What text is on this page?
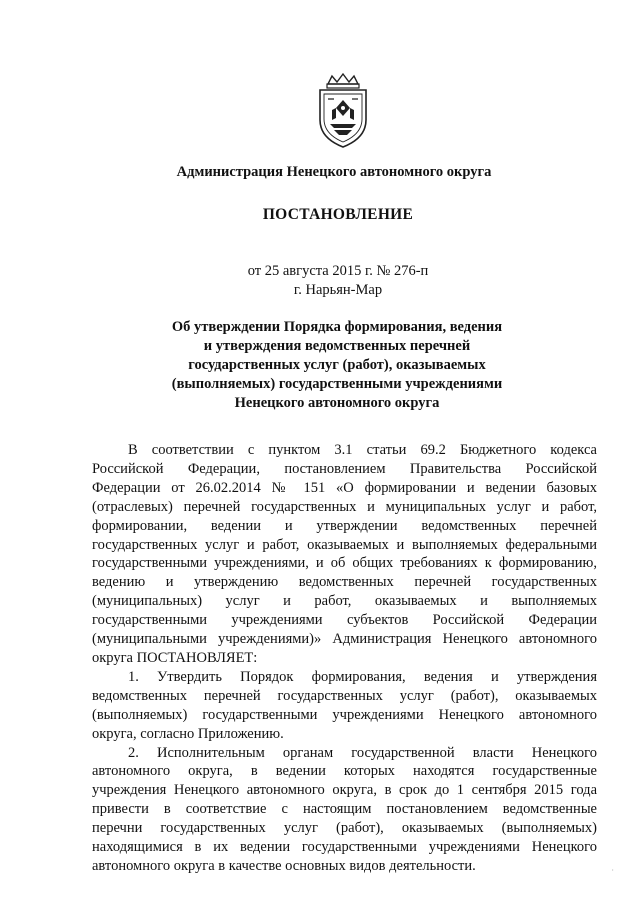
Администрация Ненецкого автономного округа
ПОСТАНОВЛЕНИЕ
от 25 августа 2015 г. № 276-п
г. Нарьян-Мар
Об утверждении Порядка формирования, ведения
и утверждения ведомственных перечней
государственных услуг (работ), оказываемых
(выполняемых) государственными учреждениями
Ненецкого автономного округа
В соответствии с пунктом 3.1 статьи 69.2 Бюджетного кодекса
Российской Федерации, постановлением Правительства Российской
Федерации от 26.02.2014 № 151 «О формировании и ведении базовых
(отраслевых) перечней государственных и муниципальных услуг и работ,
формировании, ведении и утверждении ведомственных перечней
государственных услуг и работ, оказываемых и выполняемых федеральными
государственными учреждениями, и об общих требованиях к формированию,
ведению и утверждению ведомственных перечней государственных
(муниципальных) услуг и работ, оказываемых и выполняемых
государственными учреждениями субъектов Российской Федерации
(муниципальными учреждениями)» Администрация Ненецкого автономного
округа ПОСТАНОВЛЯЕТ:
1. Утвердить Порядок формирования, ведения и утверждения
ведомственных перечней государственных услуг (работ), оказываемых
(выполняемых) государственными учреждениями Ненецкого автономного
округа, согласно Приложению.
2. Исполнительным органам государственной власти Ненецкого
автономного округа, в ведении которых находятся государственные
учреждения Ненецкого автономного округа, в срок до 1 сентября 2015 года
привести в соответствие с настоящим постановлением ведомственные
перечни государственных услуг (работ), оказываемых (выполняемых)
находящимися в их ведении государственными учреждениями Ненецкого
автономного округа в качестве основных видов деятельности.	·
